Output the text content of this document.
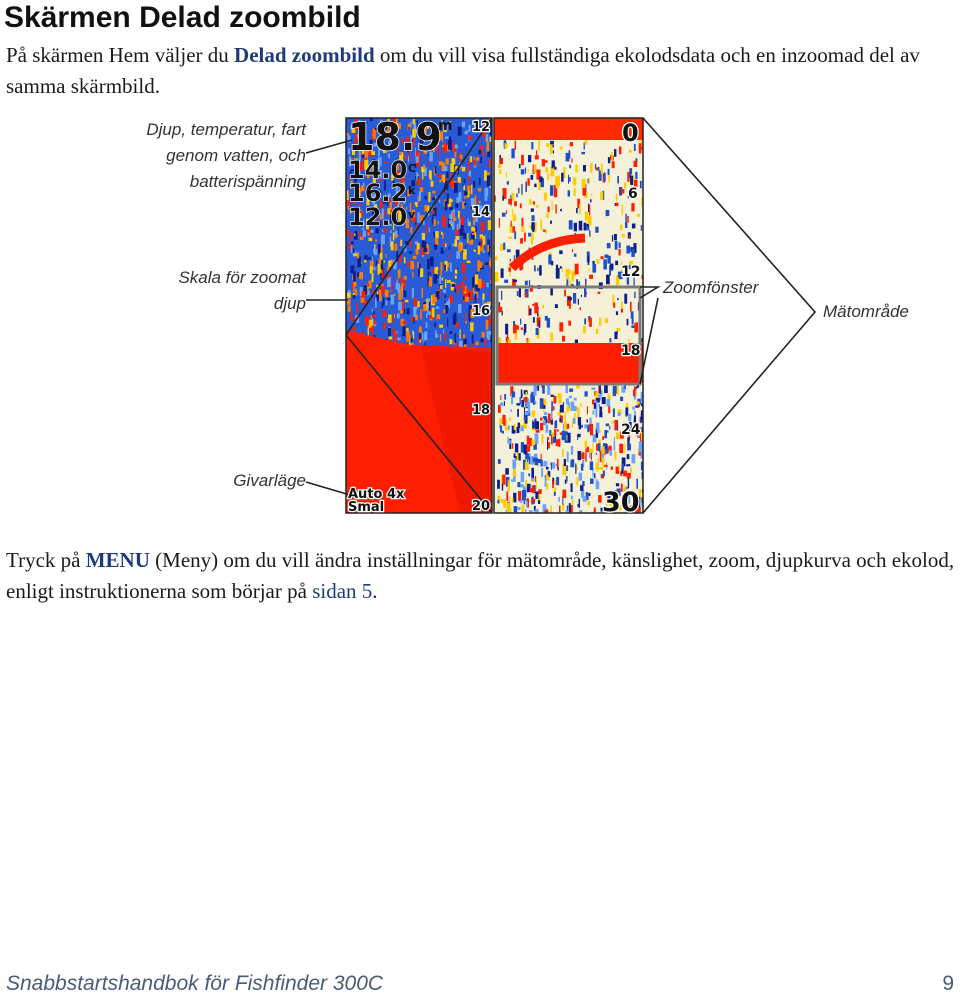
Skärmen Delad zoombild

På skärmen Hem väljer du Delad zoombild om du vill visa fullständiga ekolodsdata och en inzoomad del av samma skärmbild.

18.9
m
14.0 C
16.2 k
12.0 v
12
14
16
18
20
0
6
12
18
24
30
Auto 4x
Smal
Djup, temperatur, fart genom vatten, och batterispänning
Skala för zoomat djup
Zoomfönster
Mätområde
Givarläge

Tryck på MENU (Meny) om du vill ändra inställningar för mätområde, känslighet, zoom, djupkurva och ekolod, enligt instruktionerna som börjar på sidan 5.

Snabbstartshandbok för Fishfinder 300C	9
